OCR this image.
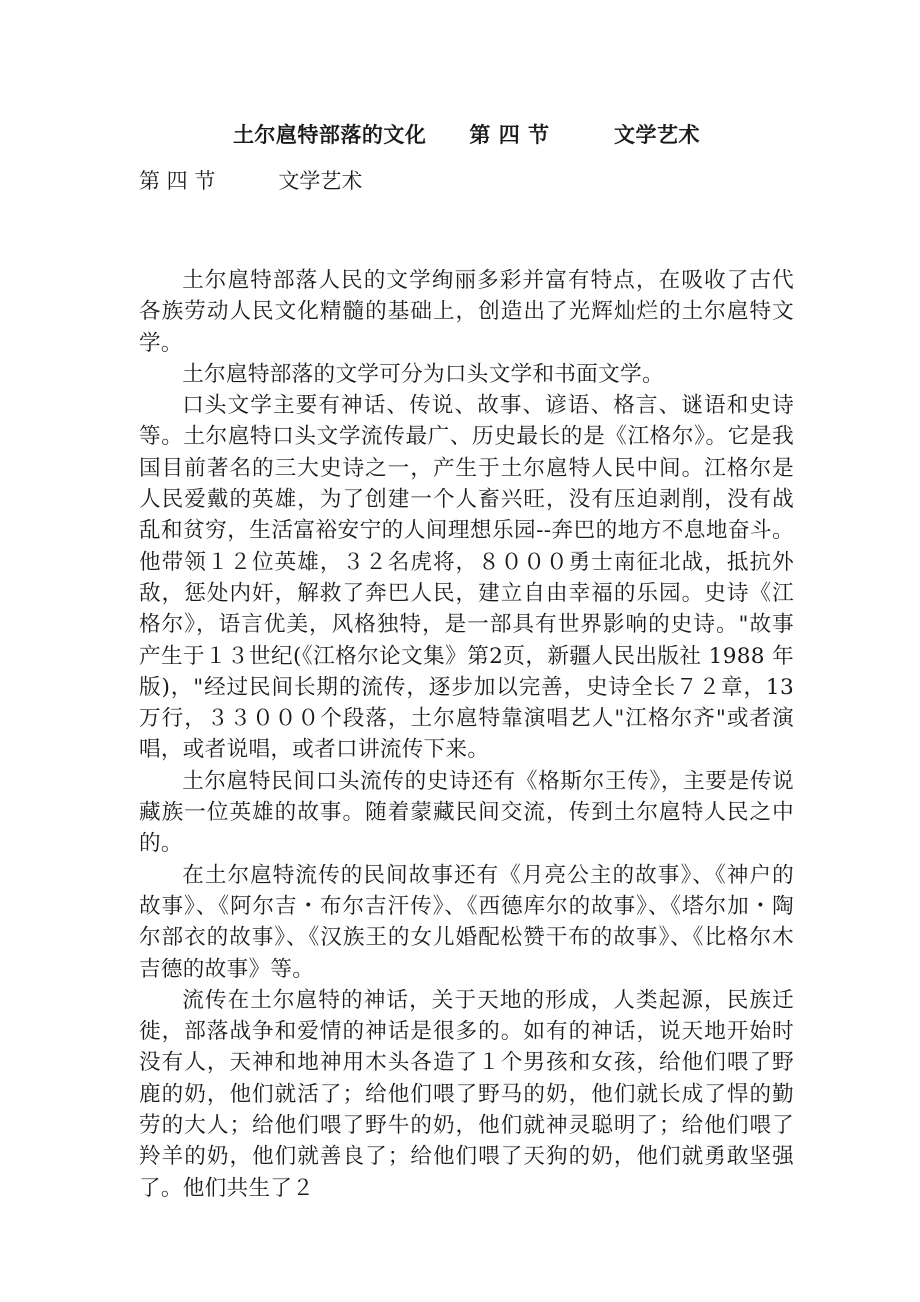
土尔扈特部落的文化　　第 四 节　　　文学艺术
第 四 节　　　文学艺术

土尔扈特部落人民的文学绚丽多彩并富有特点，在吸收了古代各族劳动人民文化精髓的基础上，创造出了光辉灿烂的土尔扈特文学。

土尔扈特部落的文学可分为口头文学和书面文学。

口头文学主要有神话、传说、故事、谚语、格言、谜语和史诗等。土尔扈特口头文学流传最广、历史最长的是《江格尔》。它是我国目前著名的三大史诗之一，产生于土尔扈特人民中间。江格尔是人民爱戴的英雄，为了创建一个人畜兴旺，没有压迫剥削，没有战乱和贫穷，生活富裕安宁的人间理想乐园--奔巴的地方不息地奋斗。他带领１２位英雄，３２名虎将，８０００勇士南征北战，抵抗外敌，惩处内奸，解救了奔巴人民，建立自由幸福的乐园。史诗《江格尔》，语言优美，风格独特，是一部具有世界影响的史诗。"故事产生于１３世纪(《江格尔论文集》第2页，新疆人民出版社 1988 年版)，"经过民间长期的流传，逐步加以完善，史诗全长７２章，13万行，３３０００个段落，土尔扈特靠演唱艺人"江格尔齐"或者演唱，或者说唱，或者口讲流传下来。

土尔扈特民间口头流传的史诗还有《格斯尔王传》，主要是传说藏族一位英雄的故事。随着蒙藏民间交流，传到土尔扈特人民之中的。

在土尔扈特流传的民间故事还有《月亮公主的故事》、《神户的故事》、《阿尔吉・布尔吉汗传》、《西德库尔的故事》、《塔尔加・陶尔部衣的故事》、《汉族王的女儿婚配松赞干布的故事》、《比格尔木吉德的故事》等。

流传在土尔扈特的神话，关于天地的形成，人类起源，民族迁徙，部落战争和爱情的神话是很多的。如有的神话，说天地开始时没有人，天神和地神用木头各造了１个男孩和女孩，给他们喂了野鹿的奶，他们就活了；给他们喂了野马的奶，他们就长成了悍的勤劳的大人；给他们喂了野牛的奶，他们就神灵聪明了；给他们喂了羚羊的奶，他们就善良了；给他们喂了天狗的奶，他们就勇敢坚强了。他们共生了２
